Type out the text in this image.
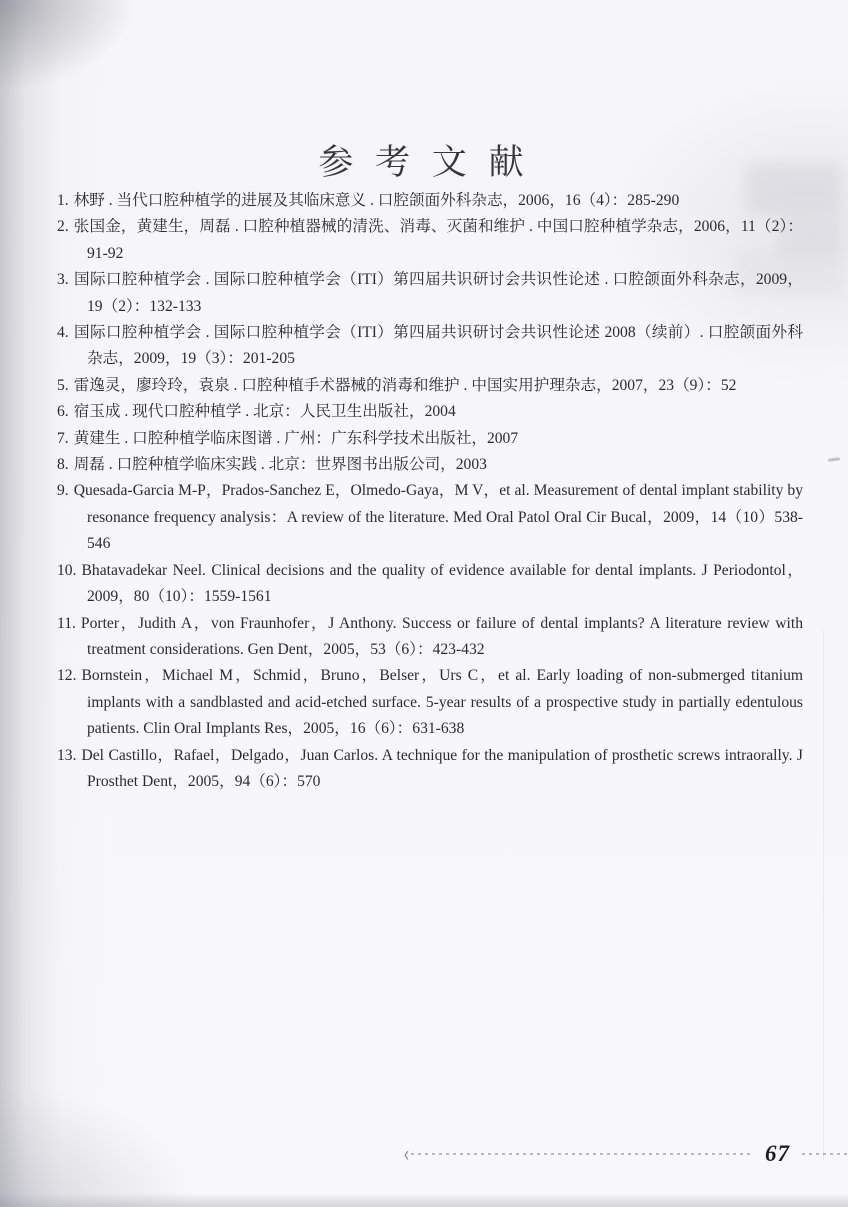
参 考 文 献

1. 林野 . 当代口腔种植学的进展及其临床意义 . 口腔颌面外科杂志，2006，16（4）：285-290

2. 张国金，黄建生，周磊 . 口腔种植器械的清洗、消毒、灭菌和维护 . 中国口腔种植学杂志，2006，11（2）：91-92

3. 国际口腔种植学会 . 国际口腔种植学会（ITI）第四届共识研讨会共识性论述 . 口腔颌面外科杂志，2009，19（2）：132-133

4. 国际口腔种植学会 . 国际口腔种植学会（ITI）第四届共识研讨会共识性论述 2008（续前）. 口腔颌面外科杂志，2009，19（3）：201-205

5. 雷逸灵，廖玲玲，袁泉 . 口腔种植手术器械的消毒和维护 . 中国实用护理杂志，2007，23（9）：52

6. 宿玉成 . 现代口腔种植学 . 北京：人民卫生出版社，2004

7. 黄建生 . 口腔种植学临床图谱 . 广州：广东科学技术出版社，2007

8. 周磊 . 口腔种植学临床实践 . 北京：世界图书出版公司，2003

9. Quesada-Garcia M-P，Prados-Sanchez E，Olmedo-Gaya，M V，et al. Measurement of dental implant stability by resonance frequency analysis：A review of the literature. Med Oral Patol Oral Cir Bucal，2009，14（10）538-546

10. Bhatavadekar Neel. Clinical decisions and the quality of evidence available for dental implants. J Periodontol，2009，80（10）：1559-1561

11. Porter，Judith A，von Fraunhofer，J Anthony. Success or failure of dental implants? A literature review with treatment considerations. Gen Dent，2005，53（6）：423-432

12. Bornstein，Michael M，Schmid，Bruno，Belser，Urs C，et al. Early loading of non-submerged titanium implants with a sandblasted and acid-etched surface. 5-year results of a prospective study in partially edentulous patients. Clin Oral Implants Res，2005，16（6）：631-638

13. Del Castillo，Rafael，Delgado，Juan Carlos. A technique for the manipulation of prosthetic screws intraorally. J Prosthet Dent，2005，94（6）：570

‹	67
